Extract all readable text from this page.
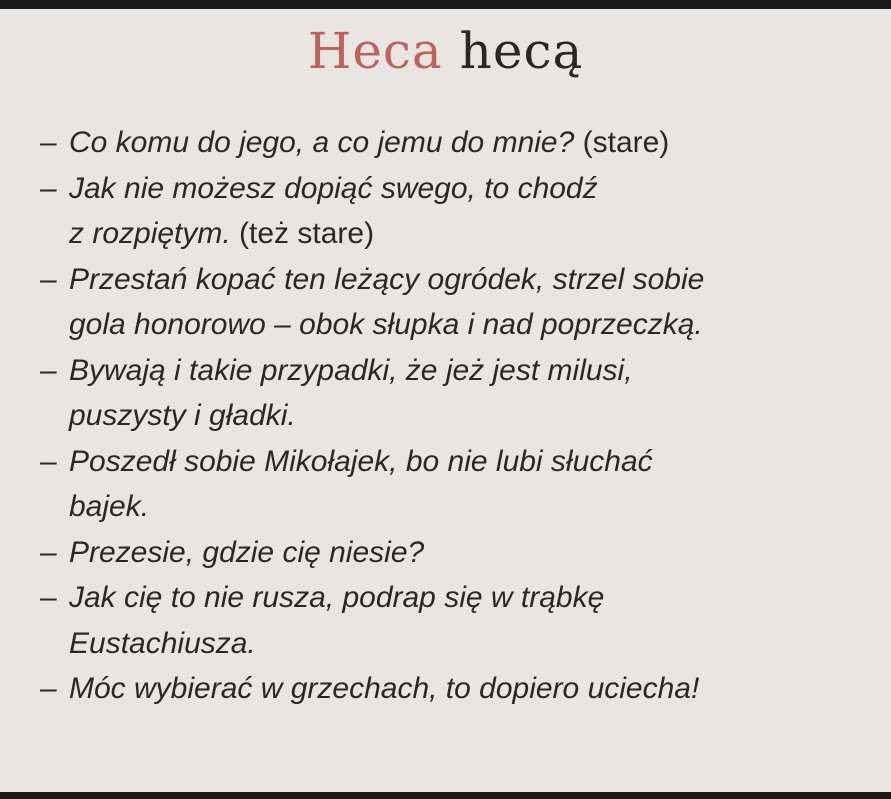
Heca hecą
– Co komu do jego, a co jemu do mnie? (stare)
– Jak nie możesz dopiąć swego, to chodź
z rozpiętym. (też stare)
– Przestań kopać ten leżący ogródek, strzel sobie
gola honorowo – obok słupka i nad poprzeczką.
– Bywają i takie przypadki, że jeż jest milusi,
puszysty i gładki.
– Poszedł sobie Mikołajek, bo nie lubi słuchać
bajek.
– Prezesie, gdzie cię niesie?
– Jak cię to nie rusza, podrap się w trąbkę
Eustachiusza.
– Móc wybierać w grzechach, to dopiero uciecha!
